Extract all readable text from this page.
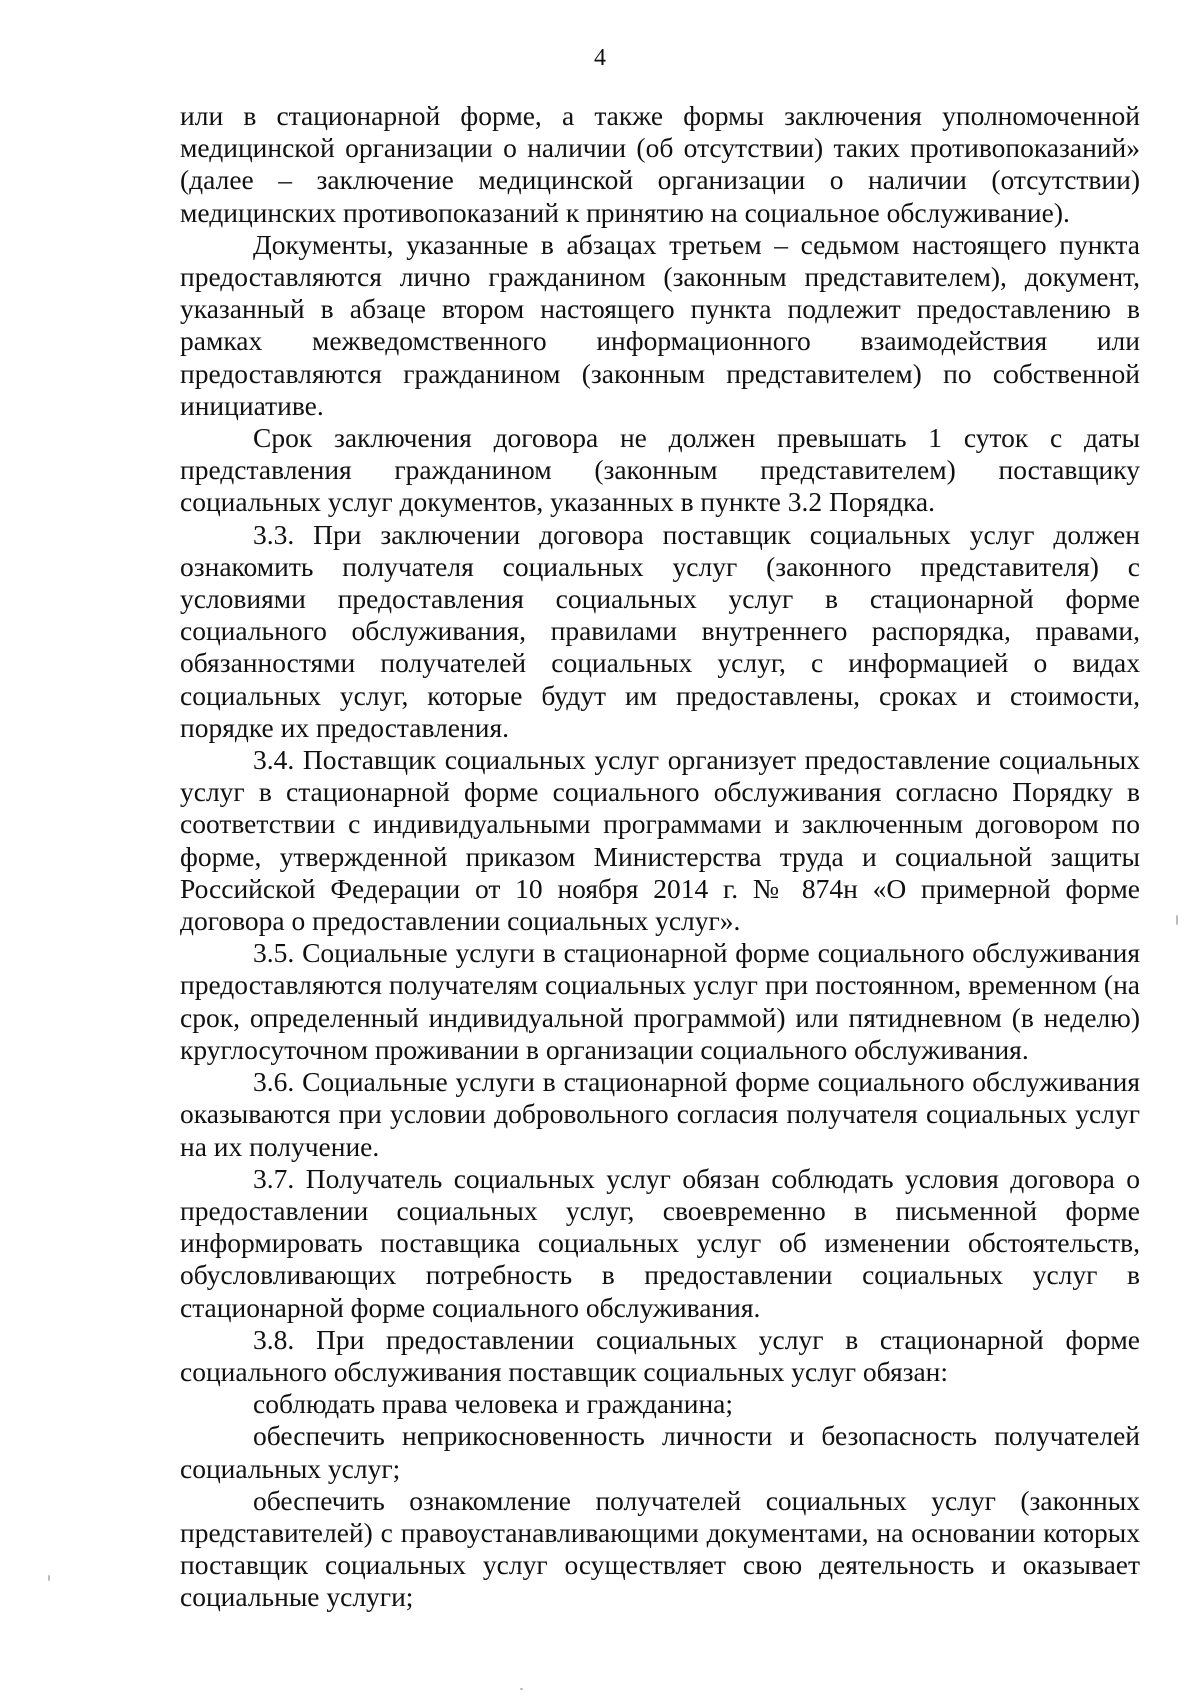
4

или в стационарной форме, а также формы заключения уполномоченной медицинской организации о наличии (об отсутствии) таких противопоказаний» (далее – заключение медицинской организации о наличии (отсутствии) медицинских противопоказаний к принятию на социальное обслуживание).

Документы, указанные в абзацах третьем – седьмом настоящего пункта предоставляются лично гражданином (законным представителем), документ, указанный в абзаце втором настоящего пункта подлежит предоставлению в рамках межведомственного информационного взаимодействия или предоставляются гражданином (законным представителем) по собственной инициативе.

Срок заключения договора не должен превышать 1 суток с даты представления гражданином (законным представителем) поставщику социальных услуг документов, указанных в пункте 3.2 Порядка.

3.3. При заключении договора поставщик социальных услуг должен ознакомить получателя социальных услуг (законного представителя) с условиями предоставления социальных услуг в стационарной форме социального обслуживания, правилами внутреннего распорядка, правами, обязанностями получателей социальных услуг, с информацией о видах социальных услуг, которые будут им предоставлены, сроках и стоимости, порядке их предоставления.

3.4. Поставщик социальных услуг организует предоставление социальных услуг в стационарной форме социального обслуживания согласно Порядку в соответствии с индивидуальными программами и заключенным договором по форме, утвержденной приказом Министерства труда и социальной защиты Российской Федерации от 10 ноября 2014 г. № 874н «О примерной форме договора о предоставлении социальных услуг».

3.5. Социальные услуги в стационарной форме социального обслуживания предоставляются получателям социальных услуг при постоянном, временном (на срок, определенный индивидуальной программой) или пятидневном (в неделю) круглосуточном проживании в организации социального обслуживания.

3.6. Социальные услуги в стационарной форме социального обслуживания оказываются при условии добровольного согласия получателя социальных услуг на их получение.

3.7. Получатель социальных услуг обязан соблюдать условия договора о предоставлении социальных услуг, своевременно в письменной форме информировать поставщика социальных услуг об изменении обстоятельств, обусловливающих потребность в предоставлении социальных услуг в стационарной форме социального обслуживания.

3.8. При предоставлении социальных услуг в стационарной форме социального обслуживания поставщик социальных услуг обязан:

соблюдать права человека и гражданина;

обеспечить неприкосновенность личности и безопасность получателей социальных услуг;

обеспечить ознакомление получателей социальных услуг (законных представителей) с правоустанавливающими документами, на основании которых поставщик социальных услуг осуществляет свою деятельность и оказывает социальные услуги;
